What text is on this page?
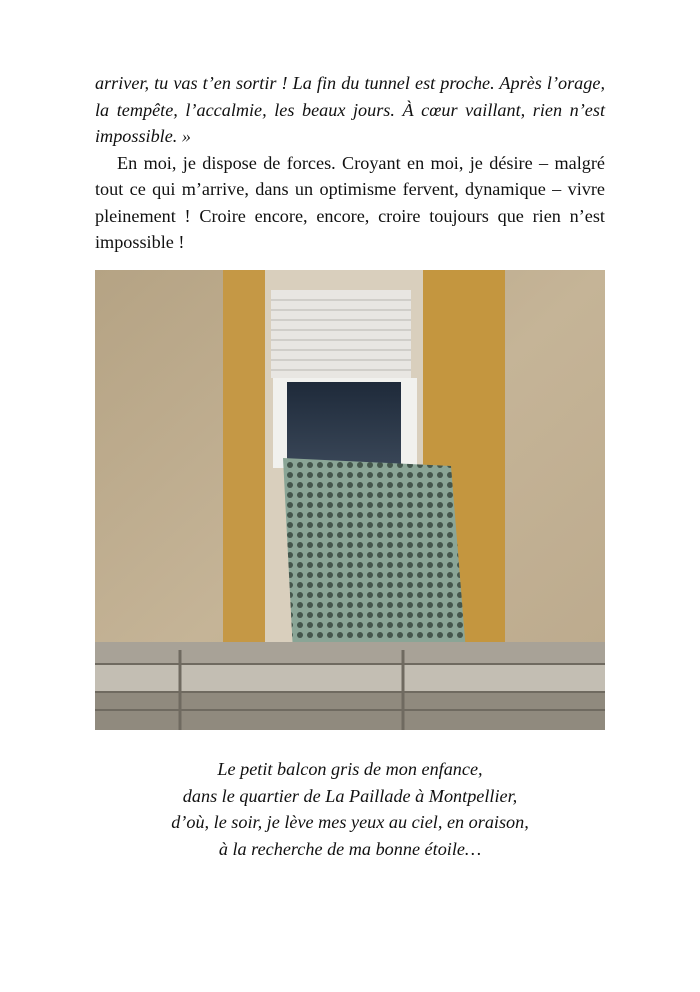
arriver, tu vas t’en sortir ! La fin du tunnel est proche. Après l’orage, la tempête, l’accalmie, les beaux jours. À cœur vaillant, rien n’est impossible. »

En moi, je dispose de forces. Croyant en moi, je désire – malgré tout ce qui m’arrive, dans un optimisme fervent, dynamique – vivre pleinement ! Croire encore, encore, croire toujours que rien n’est impossible !

Le petit balcon gris de mon enfance,
dans le quartier de La Paillade à Montpellier,
d’où, le soir, je lève mes yeux au ciel, en oraison,
à la recherche de ma bonne étoile…
